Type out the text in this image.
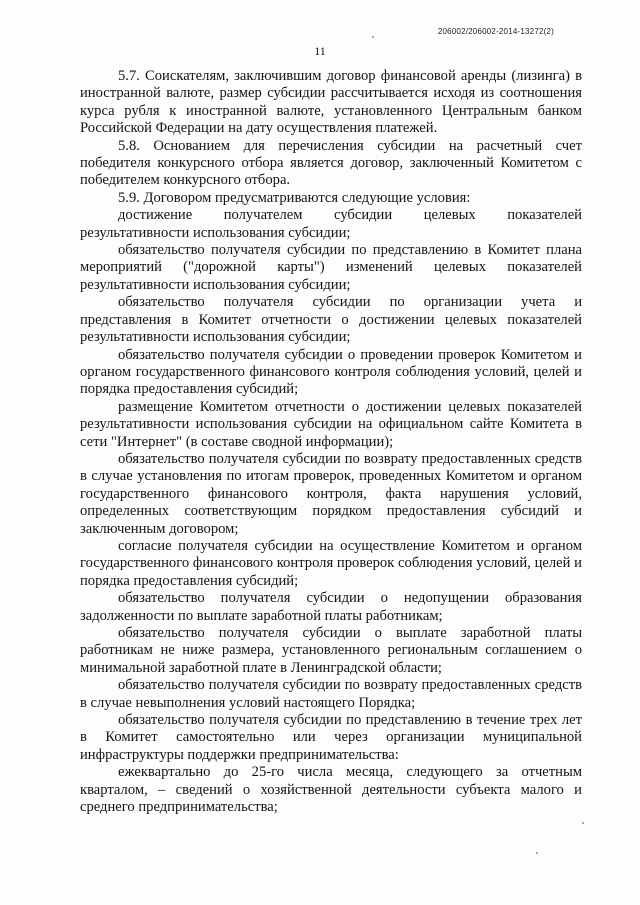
206002/206002-2014-13272(2)
11

5.7. Соискателям, заключившим договор финансовой аренды (лизинга) в иностранной валюте, размер субсидии рассчитывается исходя из соотношения курса рубля к иностранной валюте, установленного Центральным банком Российской Федерации на дату осуществления платежей.

5.8. Основанием для перечисления субсидии на расчетный счет победителя конкурсного отбора является договор, заключенный Комитетом с победителем конкурсного отбора.

5.9. Договором предусматриваются следующие условия:

достижение получателем субсидии целевых показателей результативности использования субсидии;

обязательство получателя субсидии по представлению в Комитет плана мероприятий ("дорожной карты") изменений целевых показателей результативности использования субсидии;

обязательство получателя субсидии по организации учета и представления в Комитет отчетности о достижении целевых показателей результативности использования субсидии;

обязательство получателя субсидии о проведении проверок Комитетом и органом государственного финансового контроля соблюдения условий, целей и порядка предоставления субсидий;

размещение Комитетом отчетности о достижении целевых показателей результативности использования субсидии на официальном сайте Комитета в сети "Интернет" (в составе сводной информации);

обязательство получателя субсидии по возврату предоставленных средств в случае установления по итогам проверок, проведенных Комитетом и органом государственного финансового контроля, факта нарушения условий, определенных соответствующим порядком предоставления субсидий и заключенным договором;

согласие получателя субсидии на осуществление Комитетом и органом государственного финансового контроля проверок соблюдения условий, целей и порядка предоставления субсидий;

обязательство получателя субсидии о недопущении образования задолженности по выплате заработной платы работникам;

обязательство получателя субсидии о выплате заработной платы работникам не ниже размера, установленного региональным соглашением о минимальной заработной плате в Ленинградской области;

обязательство получателя субсидии по возврату предоставленных средств в случае невыполнения условий настоящего Порядка;

обязательство получателя субсидии по представлению в течение трех лет в Комитет самостоятельно или через организации муниципальной инфраструктуры поддержки предпринимательства:

ежеквартально до 25-го числа месяца, следующего за отчетным кварталом, – сведений о хозяйственной деятельности субъекта малого и среднего предпринимательства;
